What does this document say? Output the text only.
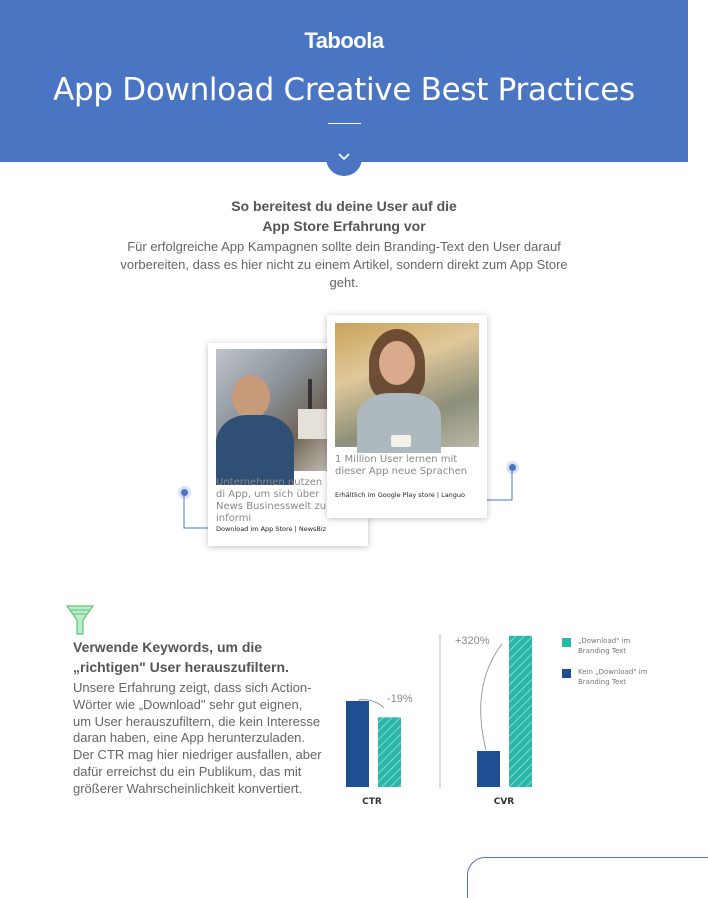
Taboola
App Download Creative Best Practices
So bereitest du deine User auf die
App Store Erfahrung vor
Für erfolgreiche App Kampagnen sollte dein Branding-Text den User darauf vorbereiten, dass es hier nicht zu einem Artikel, sondern direkt zum App Store geht.
Unternehmen nutzen di App, um sich über News Businesswelt zu informi
Download im App Store | NewsBiz
1 Million User lernen mit dieser App neue Sprachen
Erhältlich im Google Play store | Languo
Verwende Keywords, um die
„richtigen" User herauszufiltern.
Unsere Erfahrung zeigt, dass sich Action-Wörter wie „Download" sehr gut eignen, um User herauszufiltern, die kein Interesse daran haben, eine App herunterzuladen. Der CTR mag hier niedriger ausfallen, aber dafür erreichst du ein Publikum, das mit größerer Wahrscheinlichkeit konvertiert.
CTR	CVR
-19%
+320%	„Download" im Branding Text
Kein „Download" im Branding Text
